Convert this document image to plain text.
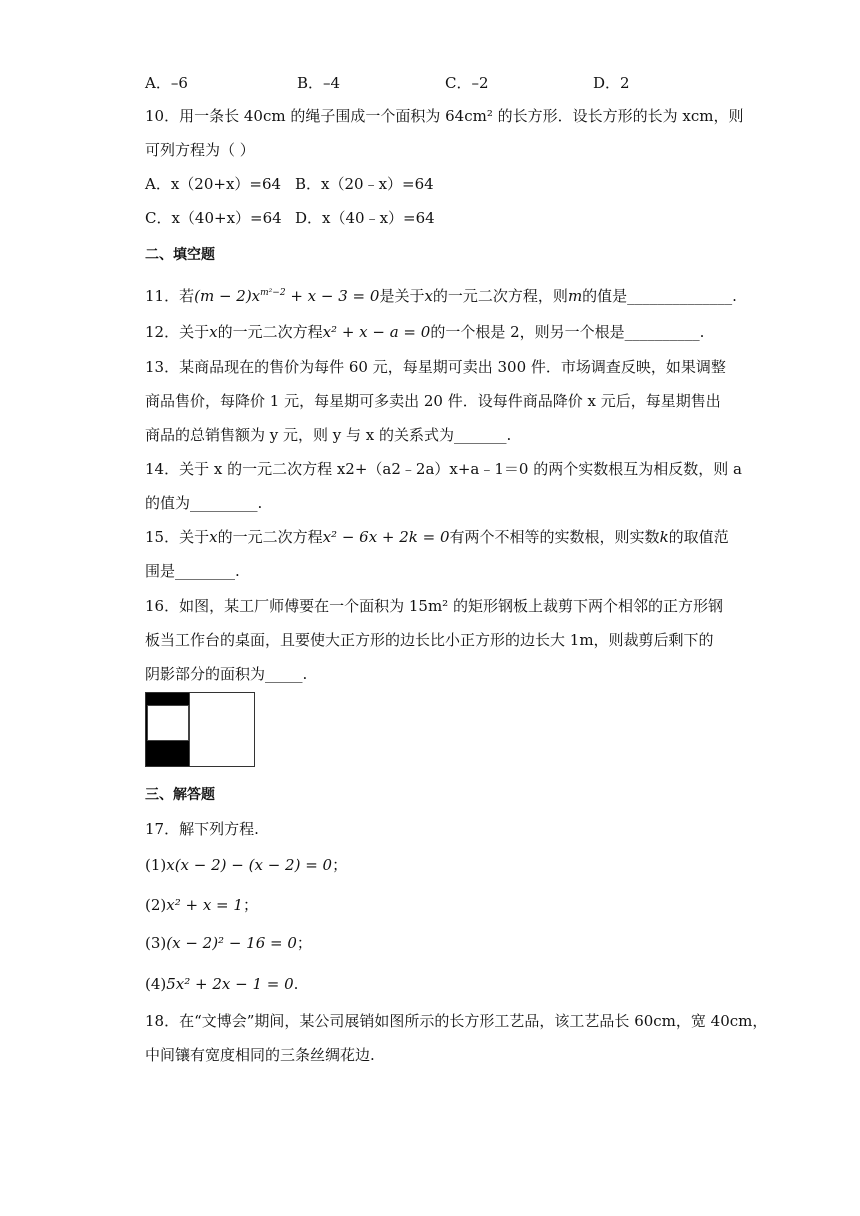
A．–6	B．–4	C．–2	D．2
10．用一条长 40cm 的绳子围成一个面积为 64cm² 的长方形．设长方形的长为 xcm，则
可列方程为（ ）
A．x（20+x）=64 B．x（20﹣x）=64
C．x（40+x）=64 D．x（40﹣x）=64
二、填空题
11．若$(m - 2)x^{m^2-2} + x - 3 = 0$是关于x的一元二次方程，则m的值是______________.
12．关于x的一元二次方程x² + x − a = 0的一个根是 2，则另一个根是__________.
13．某商品现在的售价为每件 60 元，每星期可卖出 300 件．市场调查反映，如果调整
商品售价，每降价 1 元，每星期可多卖出 20 件．设每件商品降价 x 元后，每星期售出
商品的总销售额为 y 元，则 y 与 x 的关系式为_______.
14．关于 x 的一元二次方程 x2+（a2﹣2a）x+a﹣1＝0 的两个实数根互为相反数，则 a
的值为_________.
15．关于x的一元二次方程x² − 6x + 2k = 0有两个不相等的实数根，则实数k的取值范
围是________.
16．如图，某工厂师傅要在一个面积为 15m² 的矩形钢板上裁剪下两个相邻的正方形钢
板当工作台的桌面，且要使大正方形的边长比小正方形的边长大 1m，则裁剪后剩下的
阴影部分的面积为_____.
三、解答题
17．解下列方程.
(1)x(x − 2) − (x − 2) = 0；
(2)x² + x = 1；
(3)(x − 2)² − 16 = 0；
(4)5x² + 2x − 1 = 0.
18．在“文博会”期间，某公司展销如图所示的长方形工艺品，该工艺品长 60cm，宽 40cm，
中间镶有宽度相同的三条丝绸花边.
